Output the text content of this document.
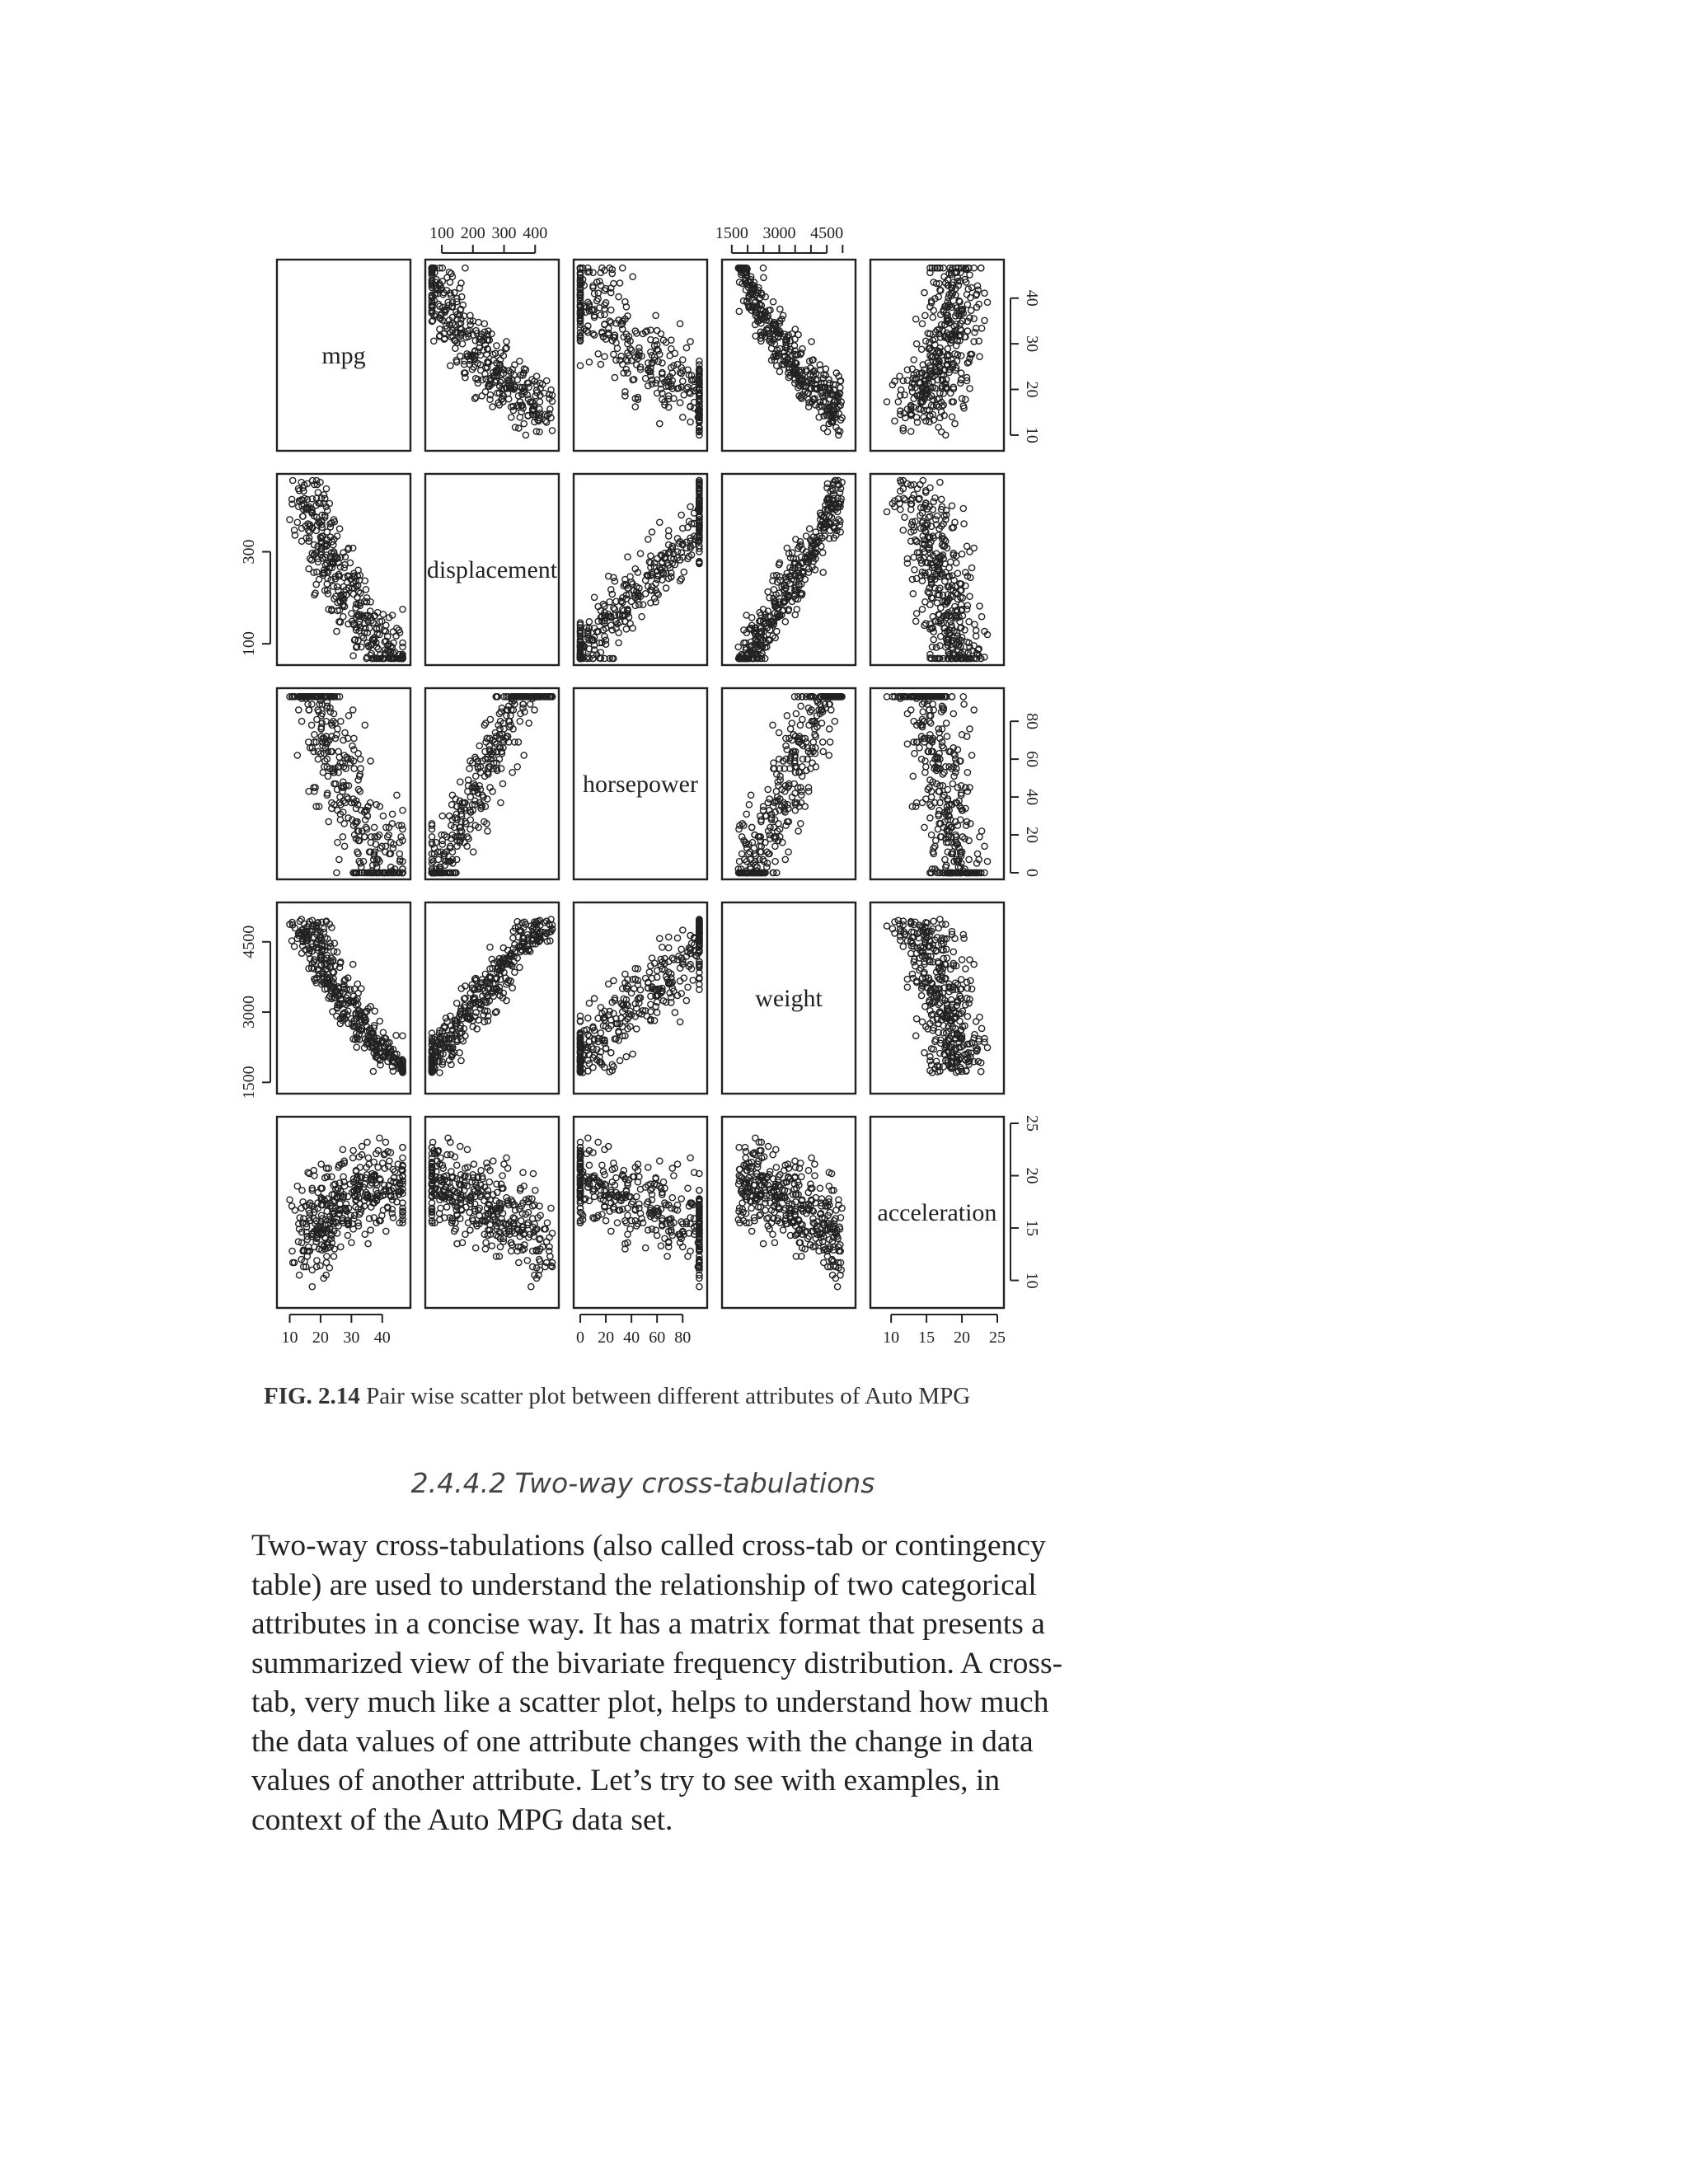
mpg
displacement
horsepower
weight
acceleration
10 20 30 40
10
20
30
40
100 200 300 400
100
300
0 20 40 60 80
0
20
40
60
80
1500 3000 4500
1500
3000
4500
10 15 20 25
10
15
20
25
FIG. 2.14 Pair wise scatter plot between different attributes of Auto MPG
2.4.4.2 Two-way cross-tabulations

Two-way cross-tabulations (also called cross-tab or contingency table) are used to understand the relationship of two categorical attributes in a concise way. It has a matrix format that presents a summarized view of the bivariate frequency distribution. A cross-tab, very much like a scatter plot, helps to understand how much the data values of one attribute changes with the change in data values of another attribute. Let’s try to see with examples, in context of the Auto MPG data set.
